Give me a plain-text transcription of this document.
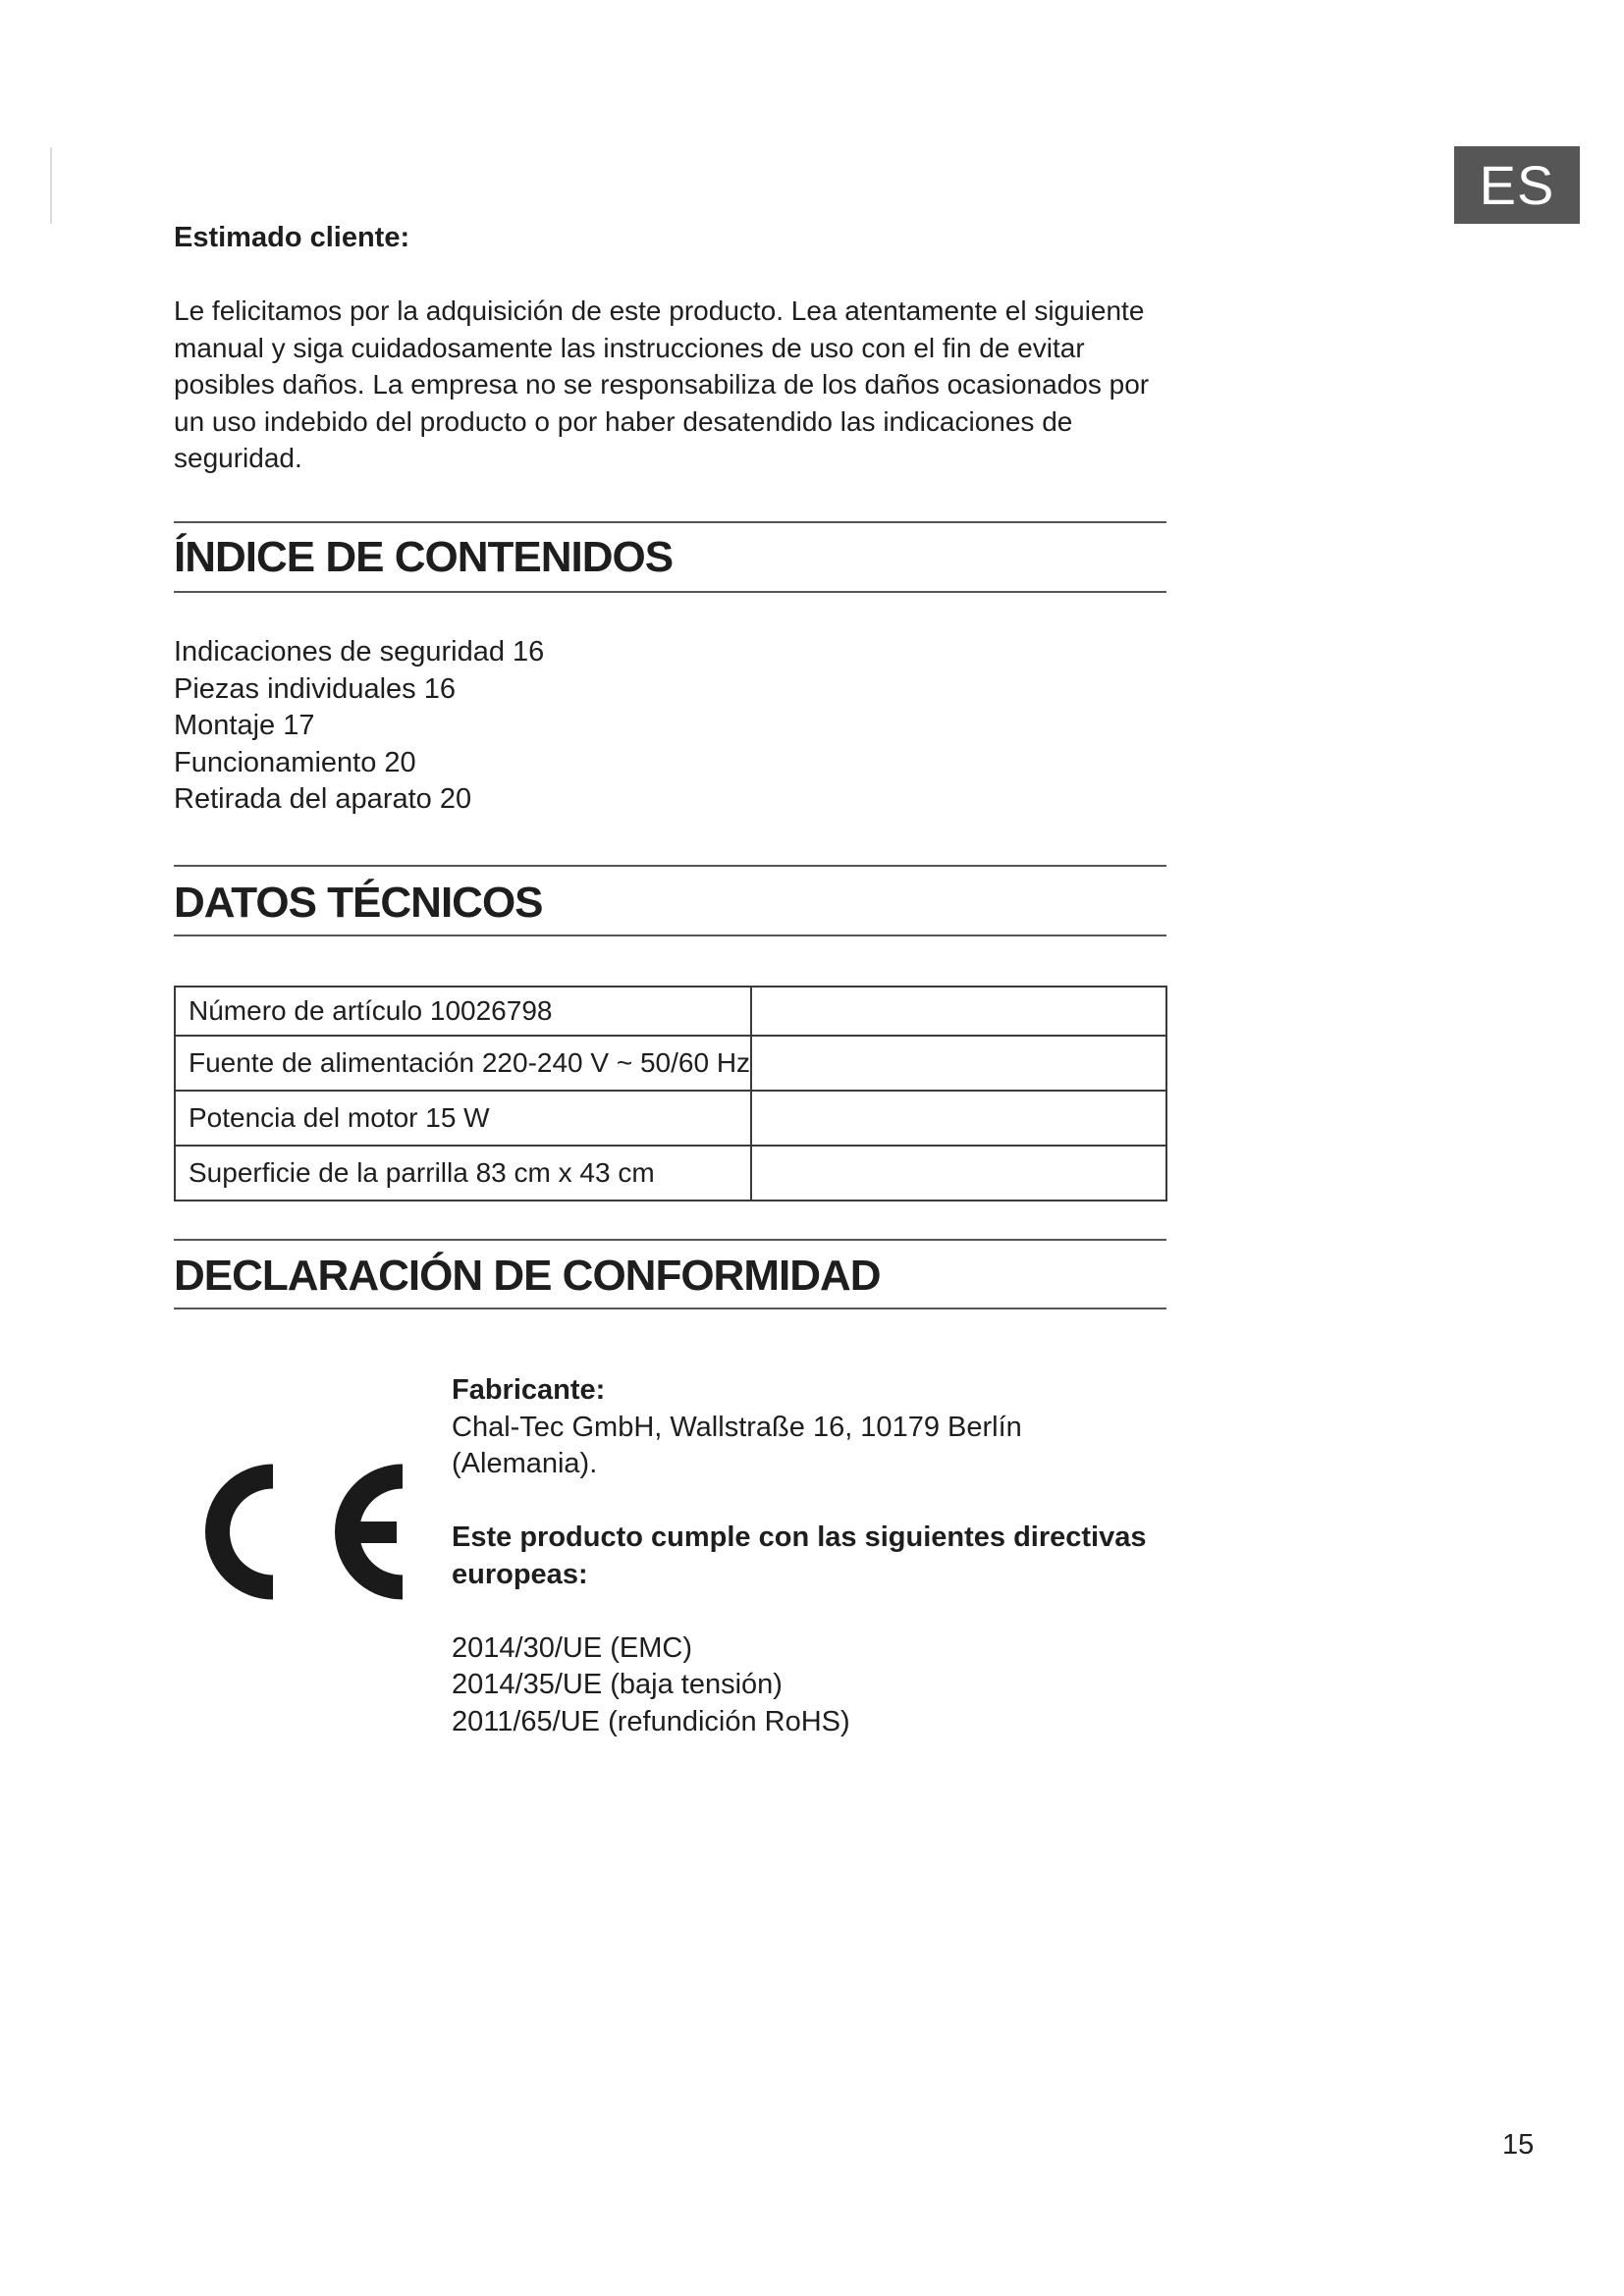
ES
Estimado cliente:

Le felicitamos por la adquisición de este producto. Lea atentamente el siguiente manual y siga cuidadosamente las instrucciones de uso con el fin de evitar posibles daños. La empresa no se responsabiliza de los daños ocasionados por un uso indebido del producto o por haber desatendido las indicaciones de seguridad.

ÍNDICE DE CONTENIDOS
Indicaciones de seguridad 16
Piezas individuales 16
Montaje 17
Funcionamiento 20
Retirada del aparato 20
DATOS TÉCNICOS
Número de artículo 10026798	
Fuente de alimentación 220-240 V ~ 50/60 Hz	
Potencia del motor 15 W	
Superficie de la parrilla 83 cm x 43 cm	
DECLARACIÓN DE CONFORMIDAD

Fabricante:

Chal-Tec GmbH, Wallstraße 16, 10179 Berlín (Alemania).

Este producto cumple con las siguientes directivas europeas:

2014/30/UE (EMC)

2014/35/UE (baja tensión)

2011/65/UE (refundición RoHS)

15
